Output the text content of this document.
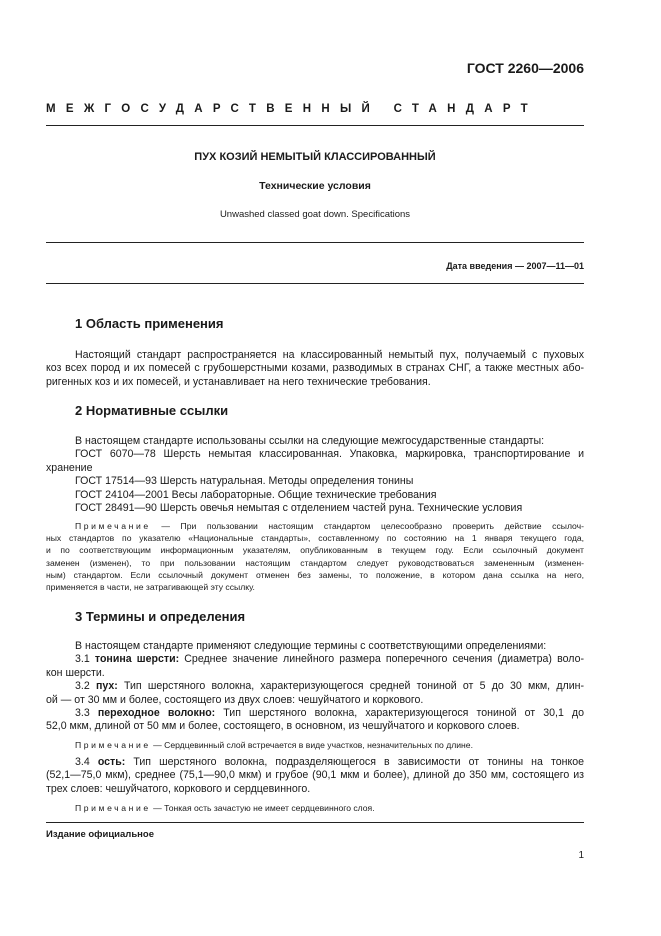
ГОСТ 2260—2006
МЕЖГОСУДАРСТВЕННЫЙ СТАНДАРТ
ПУХ КОЗИЙ НЕМЫТЫЙ КЛАССИРОВАННЫЙ
Технические условия
Unwashed classed goat down. Specifications
Дата введения — 2007—11—01
1 Область применения
Настоящий стандарт распространяется на классированный немытый пух, получаемый с пуховых
коз всех пород и их помесей с грубошерстными козами, разводимых в странах СНГ, а также местных або-
ригенных коз и их помесей, и устанавливает на него технические требования.
2 Нормативные ссылки
В настоящем стандарте использованы ссылки на следующие межгосударственные стандарты:
ГОСТ 6070—78 Шерсть немытая классированная. Упаковка, маркировка, транспортирование и
хранение
ГОСТ 17514—93 Шерсть натуральная. Методы определения тонины
ГОСТ 24104—2001 Весы лабораторные. Общие технические требования
ГОСТ 28491—90 Шерсть овечья немытая с отделением частей руна. Технические условия
Примечание — При пользовании настоящим стандартом целесообразно проверить действие ссылоч-
ных стандартов по указателю «Национальные стандарты», составленному по состоянию на 1 января текущего года,
и по соответствующим информационным указателям, опубликованным в текущем году. Если ссылочный документ
заменен (изменен), то при пользовании настоящим стандартом следует руководствоваться замененным (изменен-
ным) стандартом. Если ссылочный документ отменен без замены, то положение, в котором дана ссылка на него,
применяется в части, не затрагивающей эту ссылку.
3 Термины и определения
В настоящем стандарте применяют следующие термины с соответствующими определениями:
3.1 тонина шерсти: Среднее значение линейного размера поперечного сечения (диаметра) воло-
кон шерсти.
3.2 пух: Тип шерстяного волокна, характеризующегося средней тониной от 5 до 30 мкм, длин-
ой — от 30 мм и более, состоящего из двух слоев: чешуйчатого и коркового.
3.3 переходное волокно: Тип шерстяного волокна, характеризующегося тониной от 30,1 до
52,0 мкм, длиной от 50 мм и более, состоящего, в основном, из чешуйчатого и коркового слоев.
Примечание — Сердцевинный слой встречается в виде участков, незначительных по длине.
3.4 ость: Тип шерстяного волокна, подразделяющегося в зависимости от тонины на тонкое
(52,1—75,0 мкм), среднее (75,1—90,0 мкм) и грубое (90,1 мкм и более), длиной до 350 мм, состоящего из
трех слоев: чешуйчатого, коркового и сердцевинного.
Примечание — Тонкая ость зачастую не имеет сердцевинного слоя.
Издание официальное
1
